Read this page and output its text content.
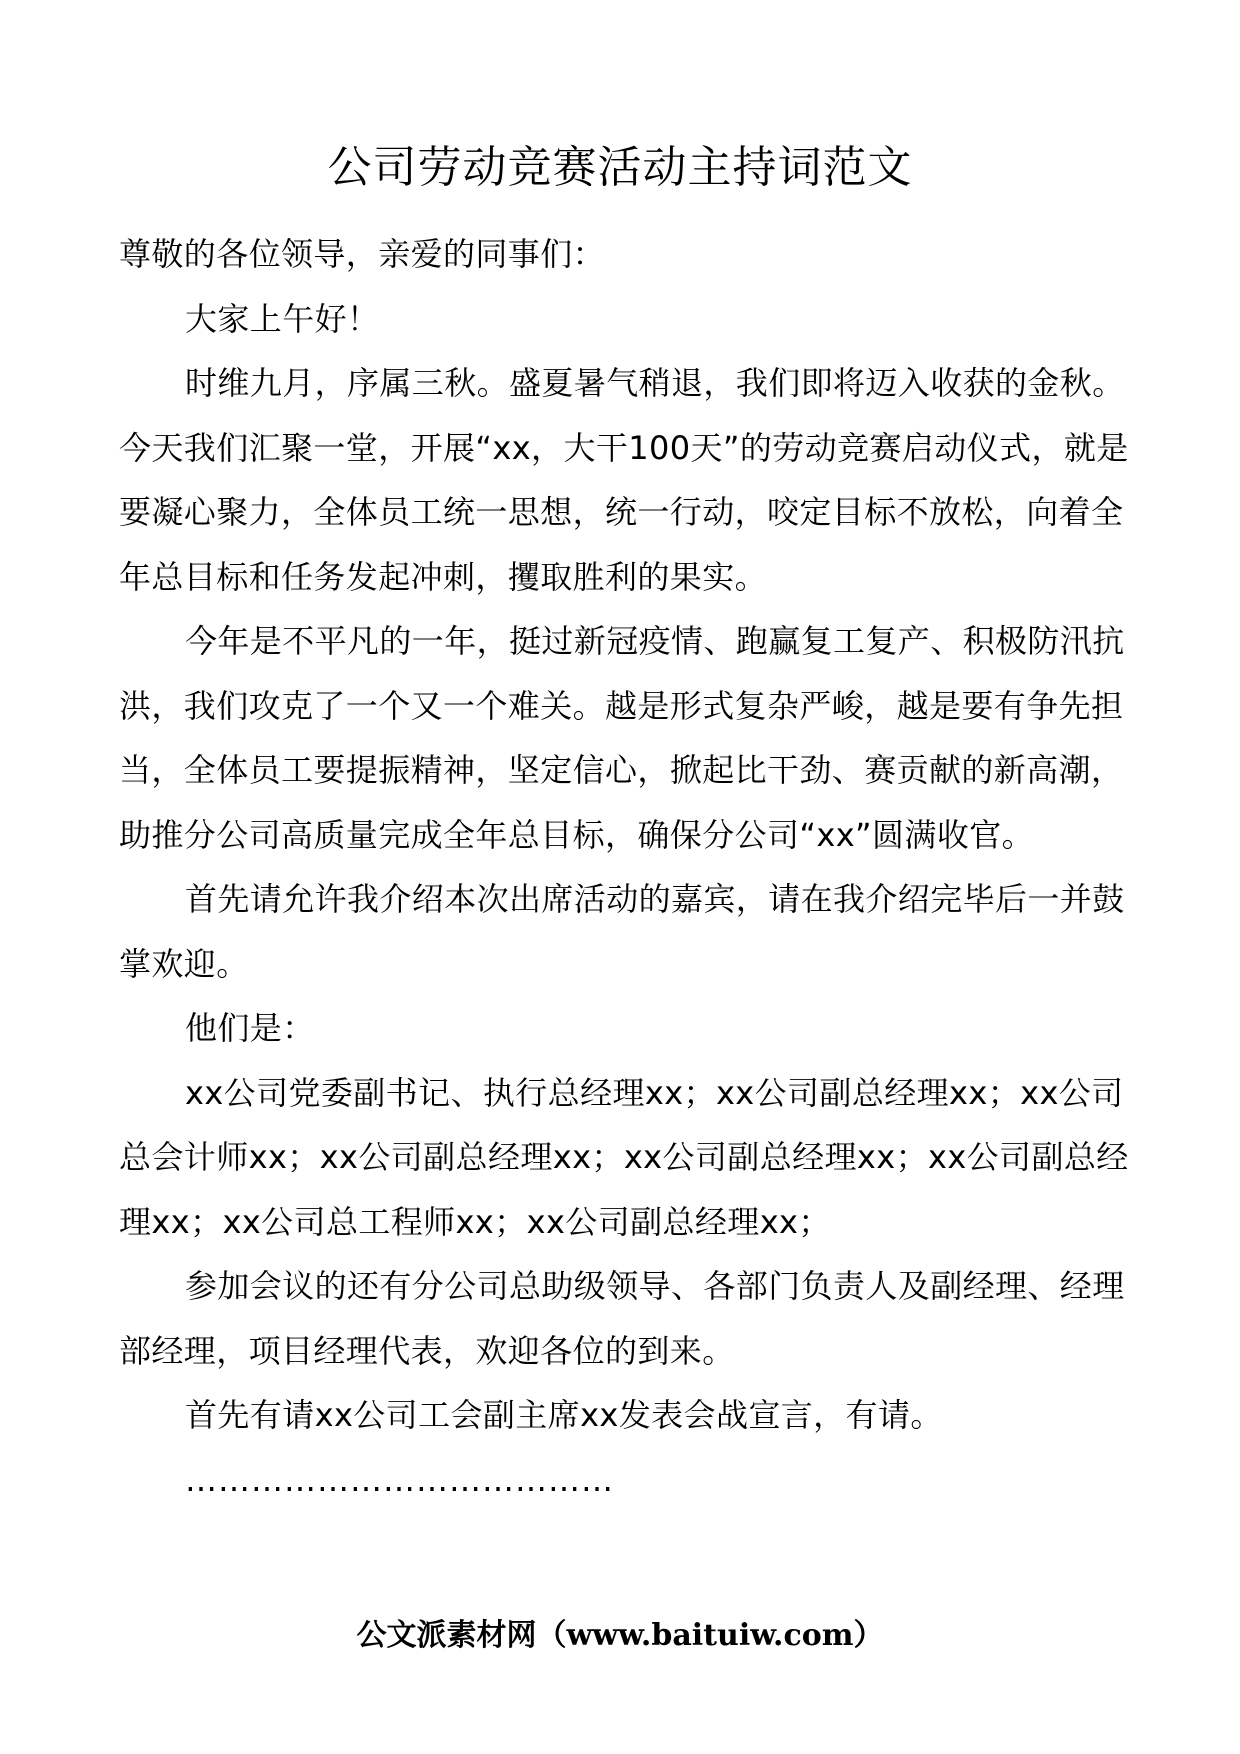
公司劳动竞赛活动主持词范文

尊敬的各位领导，亲爱的同事们：

大家上午好！

时维九月，序属三秋。盛夏暑气稍退，我们即将迈入收获的金秋。今天我们汇聚一堂，开展“xx，大干100天”的劳动竞赛启动仪式，就是要凝心聚力，全体员工统一思想，统一行动，咬定目标不放松，向着全年总目标和任务发起冲刺，攫取胜利的果实。

今年是不平凡的一年，挺过新冠疫情、跑赢复工复产、积极防汛抗洪，我们攻克了一个又一个难关。越是形式复杂严峻，越是要有争先担当，全体员工要提振精神，坚定信心，掀起比干劲、赛贡献的新高潮，助推分公司高质量完成全年总目标，确保分公司“xx”圆满收官。

首先请允许我介绍本次出席活动的嘉宾，请在我介绍完毕后一并鼓掌欢迎。

他们是：

xx公司党委副书记、执行总经理xx；xx公司副总经理xx；xx公司总会计师xx；xx公司副总经理xx；xx公司副总经理xx；xx公司副总经理xx；xx公司总工程师xx；xx公司副总经理xx；

参加会议的还有分公司总助级领导、各部门负责人及副经理、经理部经理，项目经理代表，欢迎各位的到来。

首先有请xx公司工会副主席xx发表会战宣言，有请。

…………………………………

公文派素材网（www.baituiw.com）
